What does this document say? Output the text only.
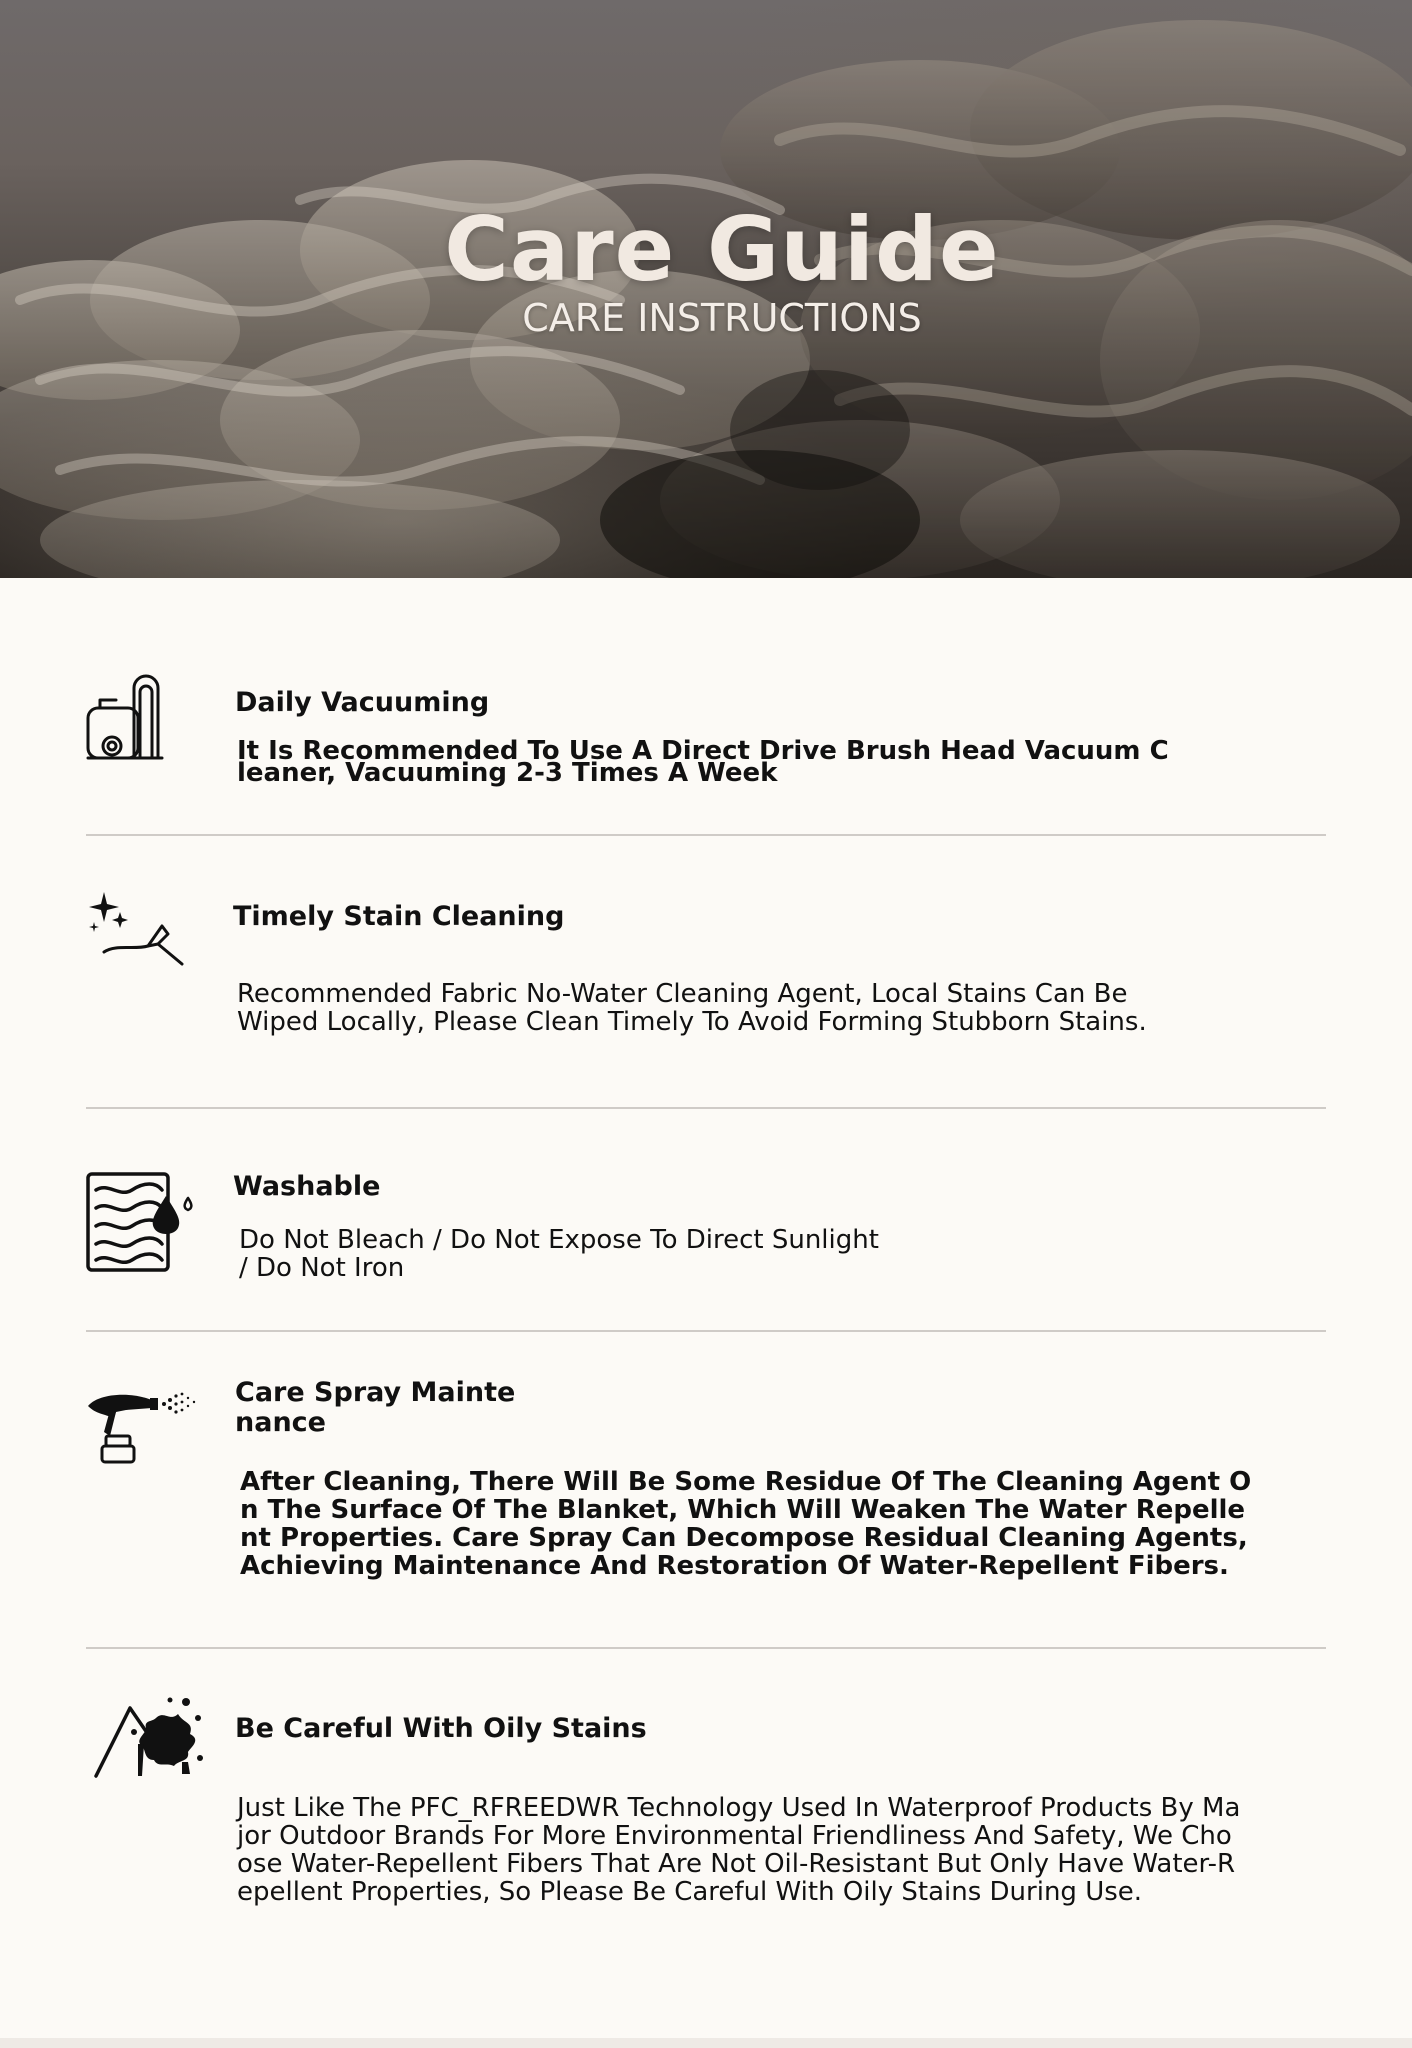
Care Guide
CARE INSTRUCTIONS
Daily Vacuuming
It Is Recommended To Use A Direct Drive Brush Head Vacuum C
leaner, Vacuuming 2-3 Times A Week
Timely Stain Cleaning
Recommended Fabric No-Water Cleaning Agent, Local Stains Can Be
Wiped Locally, Please Clean Timely To Avoid Forming Stubborn Stains.
Washable
Do Not Bleach / Do Not Expose To Direct Sunlight
/ Do Not Iron
Care Spray Mainte
nance
After Cleaning, There Will Be Some Residue Of The Cleaning Agent O
n The Surface Of The Blanket, Which Will Weaken The Water Repelle
nt Properties. Care Spray Can Decompose Residual Cleaning Agents,
Achieving Maintenance And Restoration Of Water-Repellent Fibers.
Be Careful With Oily Stains
Just Like The PFC_RFREEDWR Technology Used In Waterproof Products By Ma
jor Outdoor Brands For More Environmental Friendliness And Safety, We Cho
ose Water-Repellent Fibers That Are Not Oil-Resistant But Only Have Water-R
epellent Properties, So Please Be Careful With Oily Stains During Use.
